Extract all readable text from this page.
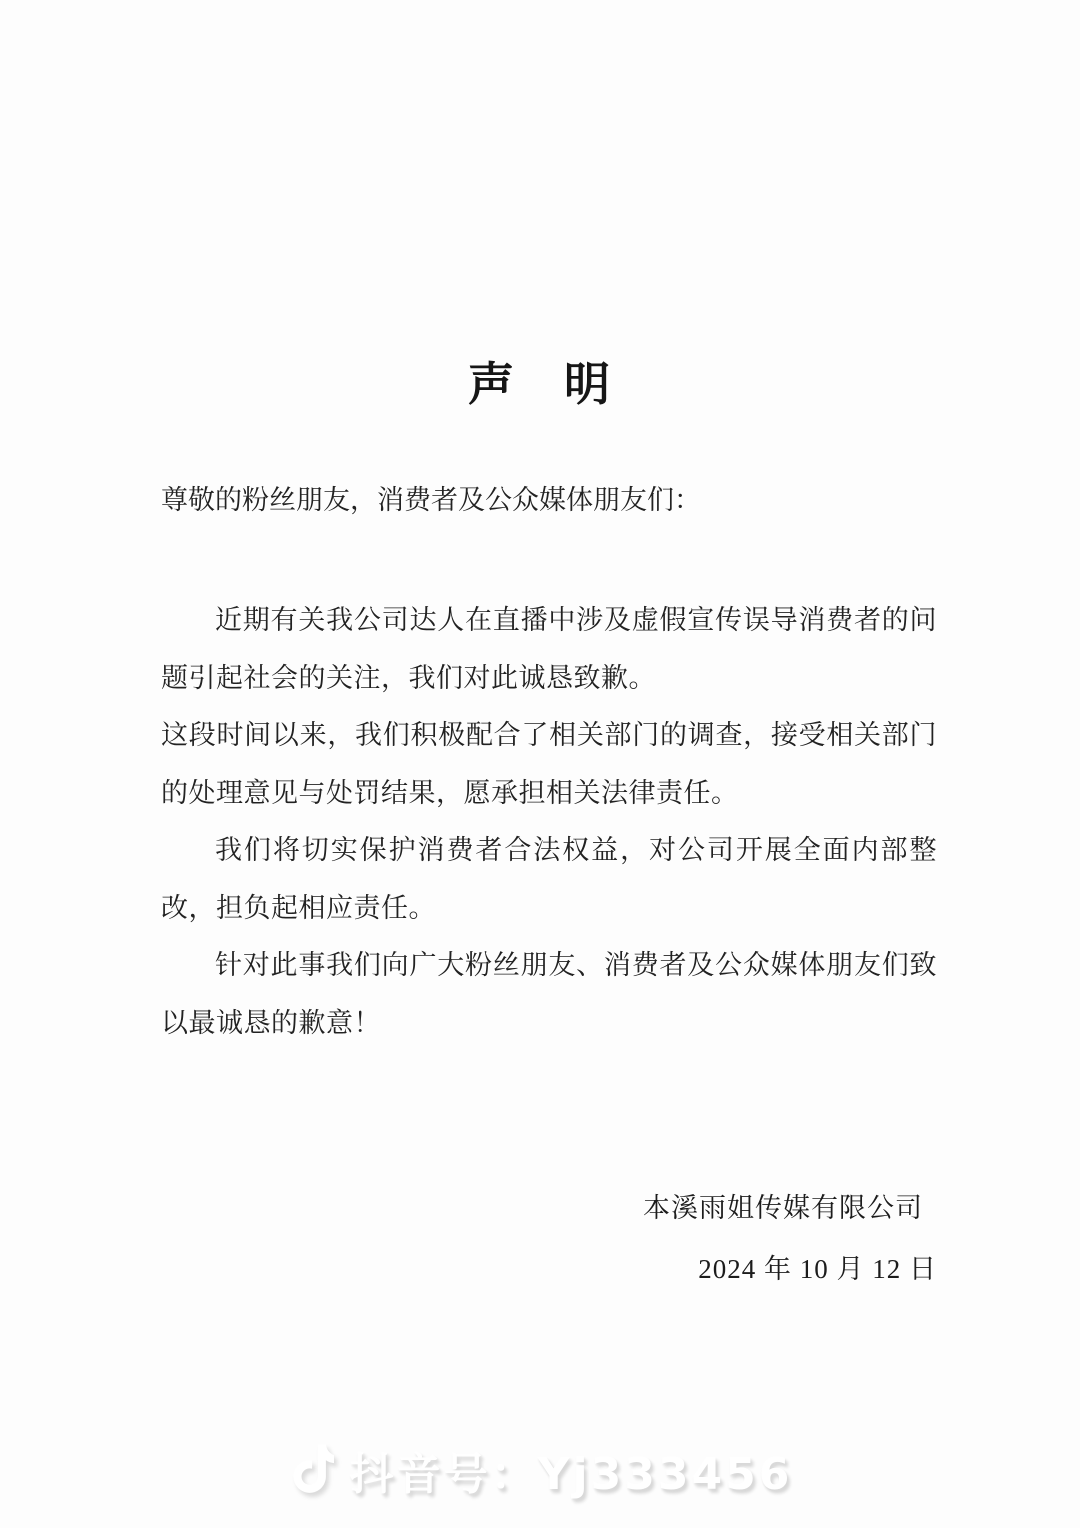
声　明
尊敬的粉丝朋友，消费者及公众媒体朋友们：

近期有关我公司达人在直播中涉及虚假宣传误导消费者的问题引起社会的关注，我们对此诚恳致歉。

这段时间以来，我们积极配合了相关部门的调查，接受相关部门的处理意见与处罚结果，愿承担相关法律责任。

我们将切实保护消费者合法权益，对公司开展全面内部整改，担负起相应责任。

针对此事我们向广大粉丝朋友、消费者及公众媒体朋友们致以最诚恳的歉意！

本溪雨姐传媒有限公司
2024 年 10 月 12 日
抖音号：Yj333456
